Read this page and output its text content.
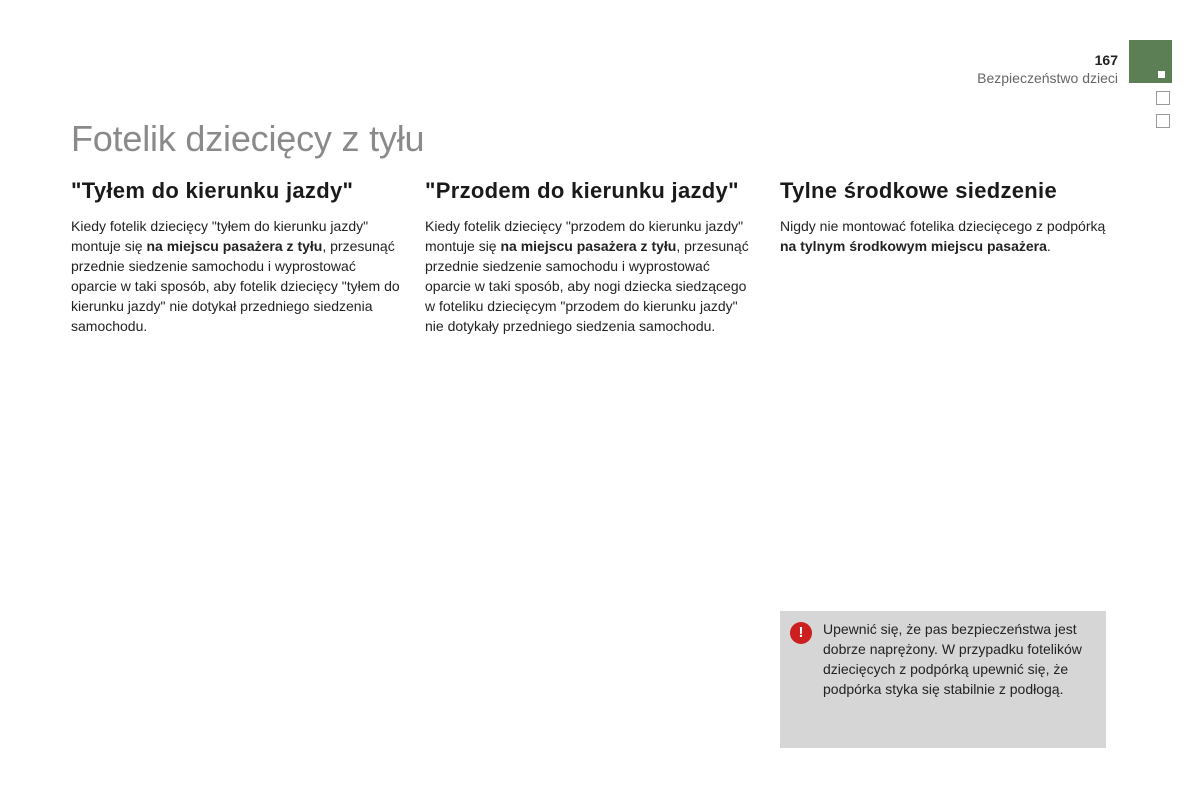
167
Bezpieczeństwo dzieci
Fotelik dziecięcy z tyłu
"Tyłem do kierunku jazdy"

Kiedy fotelik dziecięcy "tyłem do kierunku jazdy" montuje się na miejscu pasażera z tyłu, przesunąć przednie siedzenie samochodu i wyprostować oparcie w taki sposób, aby fotelik dziecięcy "tyłem do kierunku jazdy" nie dotykał przedniego siedzenia samochodu.

"Przodem do kierunku jazdy"

Kiedy fotelik dziecięcy "przodem do kierunku jazdy" montuje się na miejscu pasażera z tyłu, przesunąć przednie siedzenie samochodu i wyprostować oparcie w taki sposób, aby nogi dziecka siedzącego w foteliku dziecięcym "przodem do kierunku jazdy" nie dotykały przedniego siedzenia samochodu.

Tylne środkowe siedzenie

Nigdy nie montować fotelika dziecięcego z podpórką na tylnym środkowym miejscu pasażera.

!	Upewnić się, że pas bezpieczeństwa jest dobrze naprężony. W przypadku fotelików dziecięcych z podpórką upewnić się, że podpórka styka się stabilnie z podłogą.
